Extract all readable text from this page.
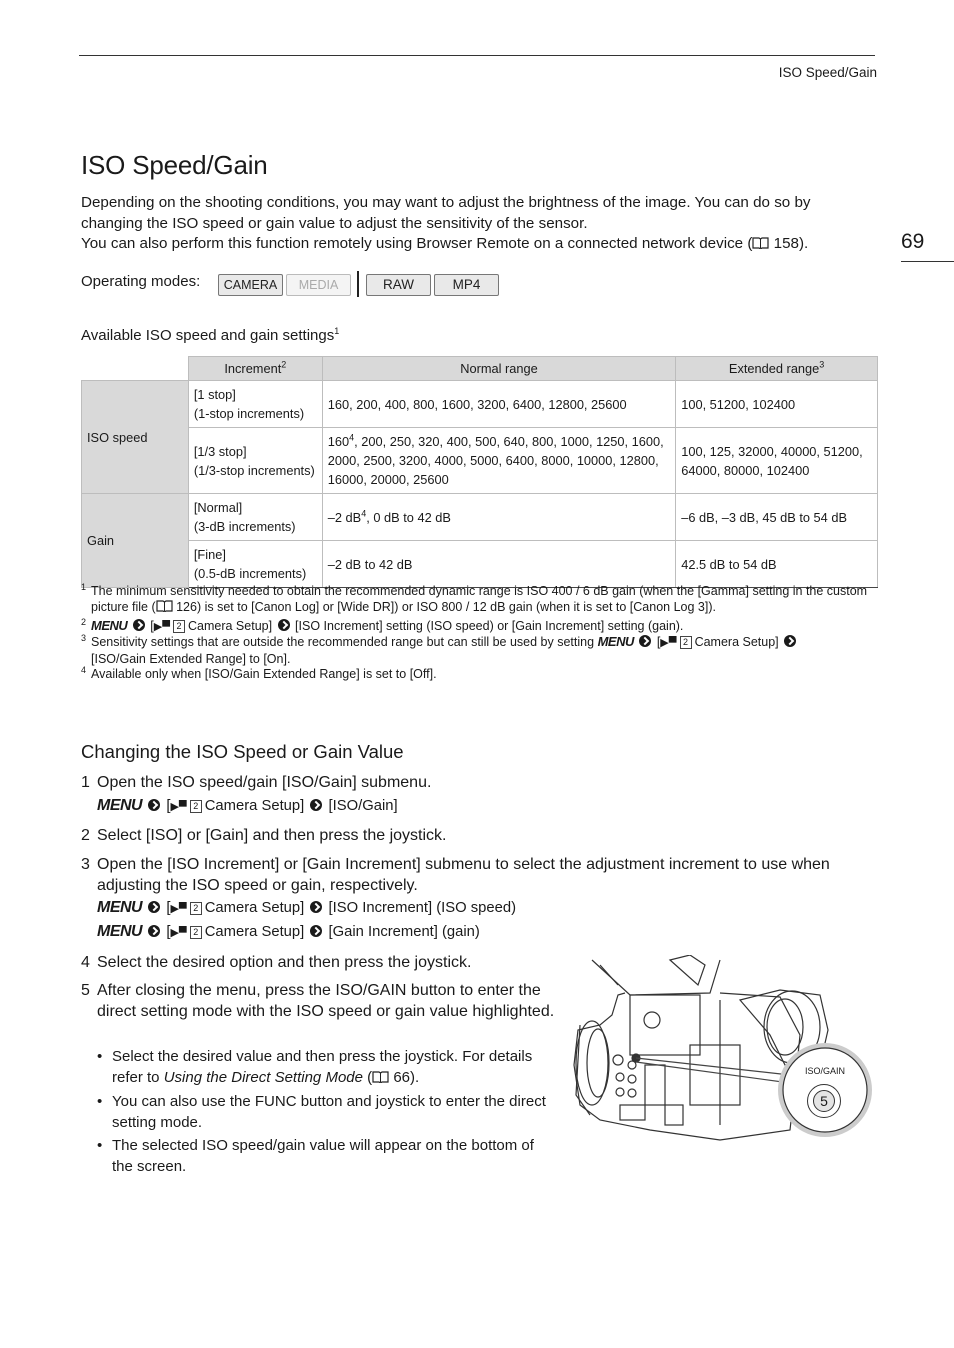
ISO Speed/Gain
69
ISO Speed/Gain

Depending on the shooting conditions, you may want to adjust the brightness of the image. You can do so by changing the ISO speed or gain value to adjust the sensitivity of the sensor.

You can also perform this function remotely using Browser Remote on a connected network device ( 158).

Operating modes:	CAMERA	MEDIA	RAW	MP4
Available ISO speed and gain settings$^1$
	Increment$^2$	Normal range	Extended range$^3$
ISO speed	[1 stop]
(1-stop increments)	160, 200, 400, 800, 1600, 3200, 6400, 12800, 25600	100, 51200, 102400
	[1/3 stop]
(1/3-stop increments)	$160^4$, 200, 250, 320, 400, 500, 640, 800, 1000, 1250, 1600, 2000, 2500, 3200, 4000, 5000, 6400, 8000, 10000, 12800, 16000, 20000, 25600	100, 125, 32000, 40000, 51200, 64000, 80000, 102400
Gain	[Normal]
(3-dB increments)	–2 $dB^4$, 0 dB to 42 dB	–6 dB, –3 dB, 45 dB to 54 dB
	[Fine]
(0.5-dB increments)	–2 dB to 42 dB	42.5 dB to 54 dB
1 The minimum sensitivity needed to obtain the recommended dynamic range is ISO 400 / 6 dB gain (when the [Gamma] setting in the custom picture file ( 126) is set to [Canon Log] or [Wide DR]) or ISO 800 / 12 dB gain (when it is set to [Canon Log 3]).
2 MENU [▶▀ 2 Camera Setup] [ISO Increment] setting (ISO speed) or [Gain Increment] setting (gain).
3 Sensitivity settings that are outside the recommended range but can still be used by setting MENU [▶▀ 2 Camera Setup]
[ISO/Gain Extended Range] to [On].
4 Available only when [ISO/Gain Extended Range] is set to [Off].
Changing the ISO Speed or Gain Value
1 Open the ISO speed/gain [ISO/Gain] submenu.
MENU  [▶▀ 2 Camera Setup] [ISO/Gain]
2 Select [ISO] or [Gain] and then press the joystick.
3 Open the [ISO Increment] or [Gain Increment] submenu to select the adjustment increment to use when adjusting the ISO speed or gain, respectively.
MENU  [▶▀ 2 Camera Setup] [ISO Increment] (ISO speed)
MENU  [▶▀ 2 Camera Setup] [Gain Increment] (gain)
4 Select the desired option and then press the joystick.
5 After closing the menu, press the ISO/GAIN button to enter the direct setting mode with the ISO speed or gain value highlighted.
• Select the desired value and then press the joystick. For details refer to Using the Direct Setting Mode ( 66).
• You can also use the FUNC button and joystick to enter the direct setting mode.
• The selected ISO speed/gain value will appear on the bottom of the screen.
ISO/GAIN
5
